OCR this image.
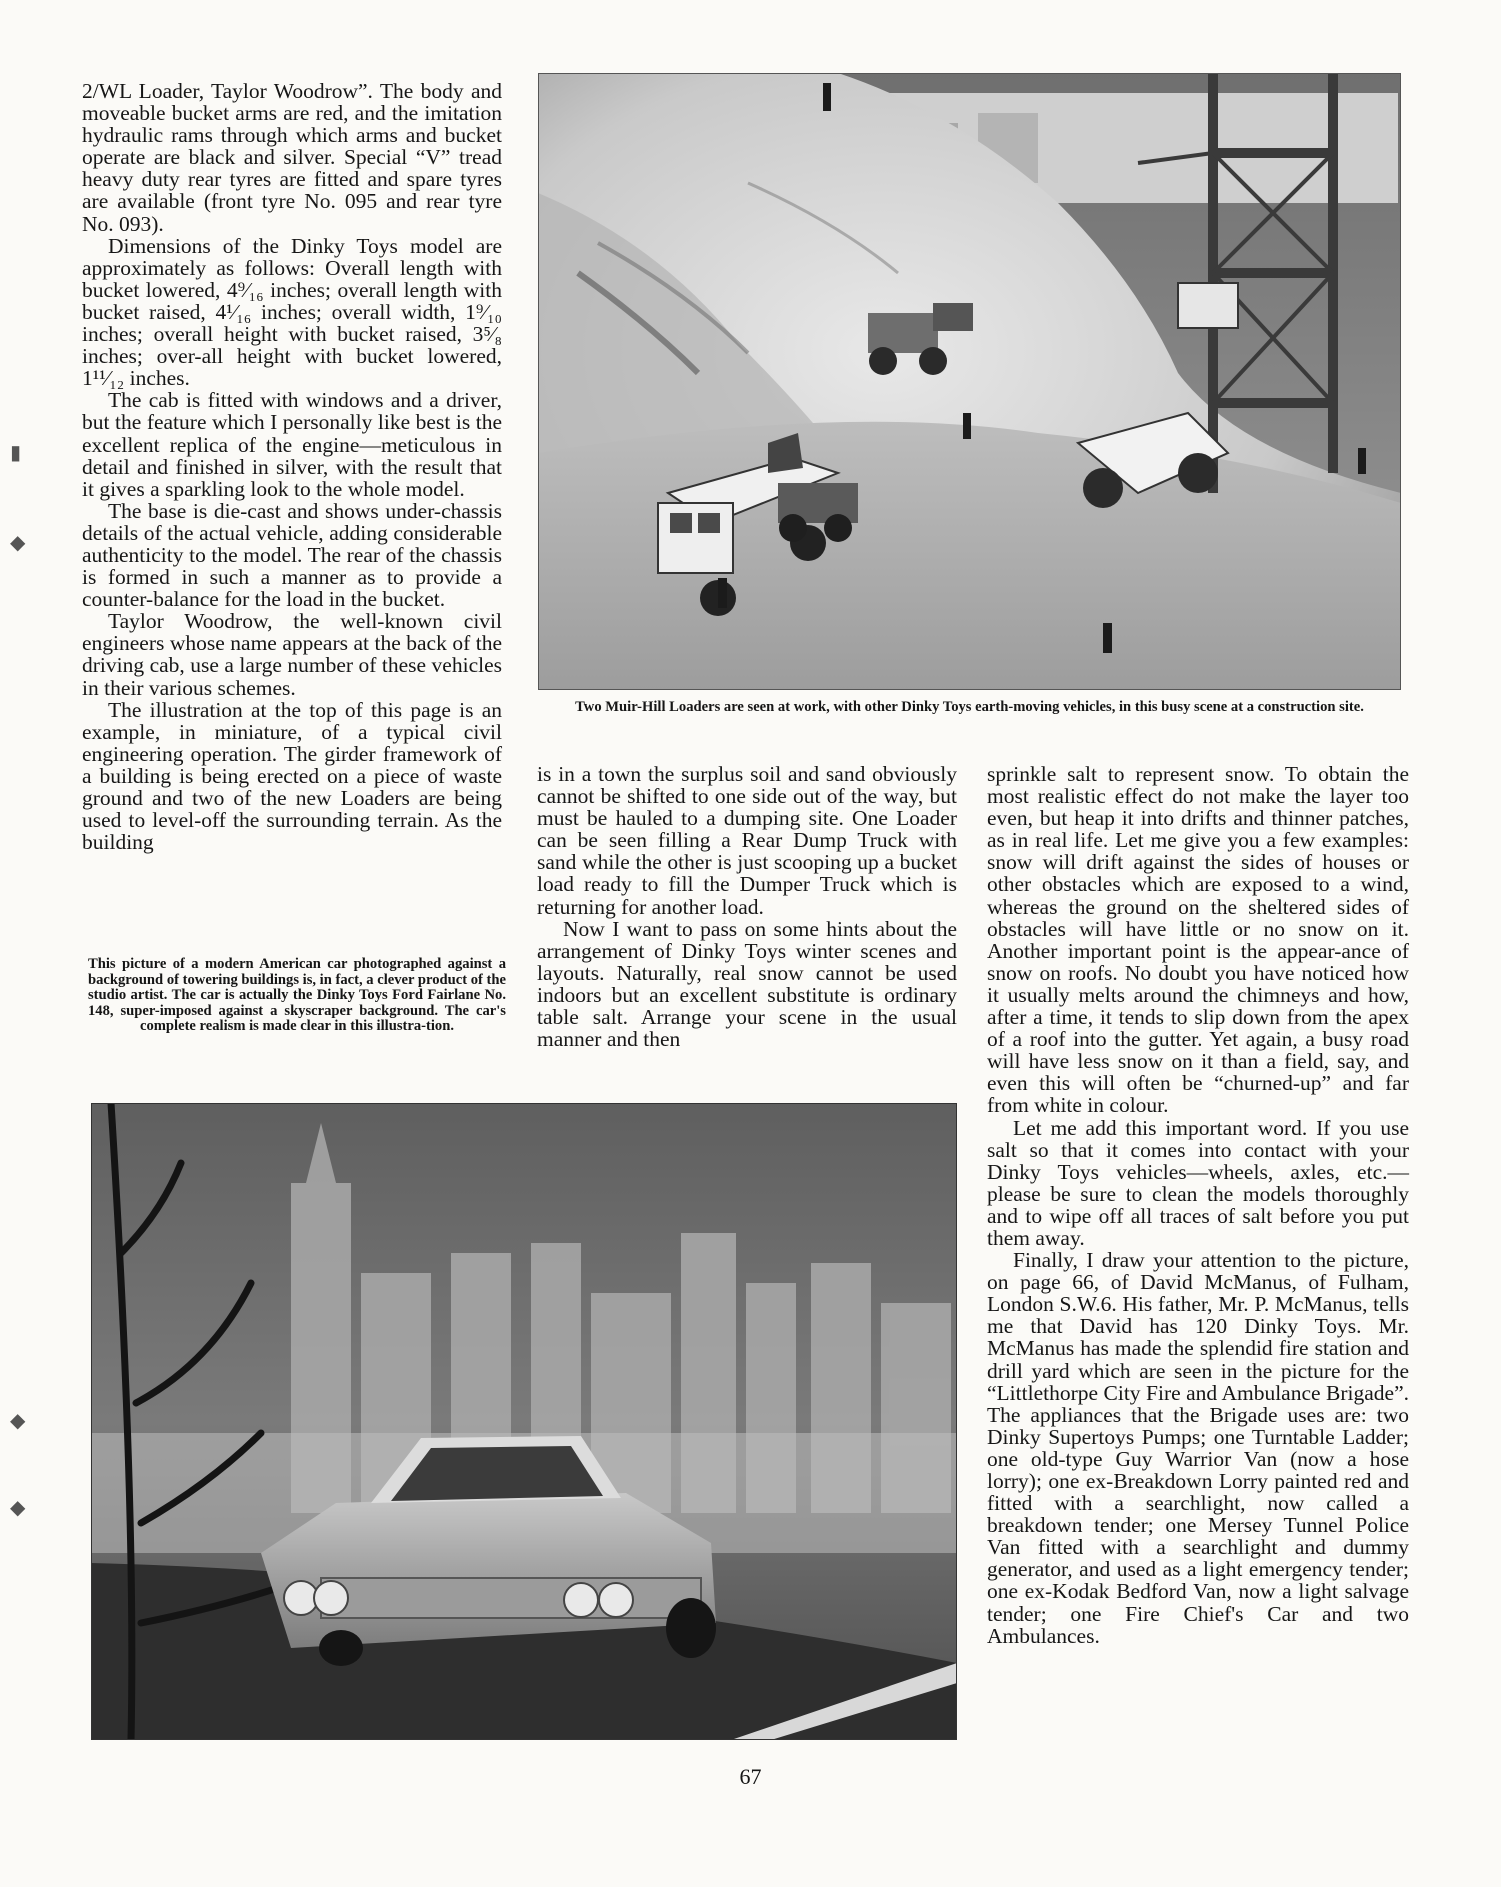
▮
◆
◆
◆

2/WL Loader, Taylor Woodrow”. The body and moveable bucket arms are red, and the imitation hydraulic rams through which arms and bucket operate are black and silver. Special “V” tread heavy duty rear tyres are fitted and spare tyres are available (front tyre No. 095 and rear tyre No. 093).

Dimensions of the Dinky Toys model are approximately as follows: Overall length with bucket lowered, 4⁹⁄₁₆ inches; overall length with bucket raised, 4¹⁄₁₆ inches; overall width, 1⁹⁄₁₀ inches; overall height with bucket raised, 3⁵⁄₈ inches; over-all height with bucket lowered, 1¹¹⁄₁₂ inches.

The cab is fitted with windows and a driver, but the feature which I personally like best is the excellent replica of the engine—meticulous in detail and finished in silver, with the result that it gives a sparkling look to the whole model.

The base is die-cast and shows under-chassis details of the actual vehicle, adding considerable authenticity to the model. The rear of the chassis is formed in such a manner as to provide a counter-balance for the load in the bucket.

Taylor Woodrow, the well-known civil engineers whose name appears at the back of the driving cab, use a large number of these vehicles in their various schemes.

The illustration at the top of this page is an example, in miniature, of a typical civil engineering operation. The girder framework of a building is being erected on a piece of waste ground and two of the new Loaders are being used to level-off the surrounding terrain. As the building

This picture of a modern American car photographed against a background of towering buildings is, in fact, a clever product of the studio artist. The car is actually the Dinky Toys Ford Fairlane No. 148, super-imposed against a skyscraper background. The car's complete realism is made clear in this illustra-tion.
Two Muir-Hill Loaders are seen at work, with other Dinky Toys earth-moving vehicles, in this busy scene at a construction site.

is in a town the surplus soil and sand obviously cannot be shifted to one side out of the way, but must be hauled to a dumping site. One Loader can be seen filling a Rear Dump Truck with sand while the other is just scooping up a bucket load ready to fill the Dumper Truck which is returning for another load.

Now I want to pass on some hints about the arrangement of Dinky Toys winter scenes and layouts. Naturally, real snow cannot be used indoors but an excellent substitute is ordinary table salt. Arrange your scene in the usual manner and then

sprinkle salt to represent snow. To obtain the most realistic effect do not make the layer too even, but heap it into drifts and thinner patches, as in real life. Let me give you a few examples: snow will drift against the sides of houses or other obstacles which are exposed to a wind, whereas the ground on the sheltered sides of obstacles will have little or no snow on it. Another important point is the appear-ance of snow on roofs. No doubt you have noticed how it usually melts around the chimneys and how, after a time, it tends to slip down from the apex of a roof into the gutter. Yet again, a busy road will have less snow on it than a field, say, and even this will often be “churned-up” and far from white in colour.

Let me add this important word. If you use salt so that it comes into contact with your Dinky Toys vehicles—wheels, axles, etc.—please be sure to clean the models thoroughly and to wipe off all traces of salt before you put them away.

Finally, I draw your attention to the picture, on page 66, of David McManus, of Fulham, London S.W.6. His father, Mr. P. McManus, tells me that David has 120 Dinky Toys. Mr. McManus has made the splendid fire station and drill yard which are seen in the picture for the “Littlethorpe City Fire and Ambulance Brigade”. The appliances that the Brigade uses are: two Dinky Supertoys Pumps; one Turntable Ladder; one old-type Guy Warrior Van (now a hose lorry); one ex-Breakdown Lorry painted red and fitted with a searchlight, now called a breakdown tender; one Mersey Tunnel Police Van fitted with a searchlight and dummy generator, and used as a light emergency tender; one ex-Kodak Bedford Van, now a light salvage tender; one Fire Chief's Car and two Ambulances.

67
